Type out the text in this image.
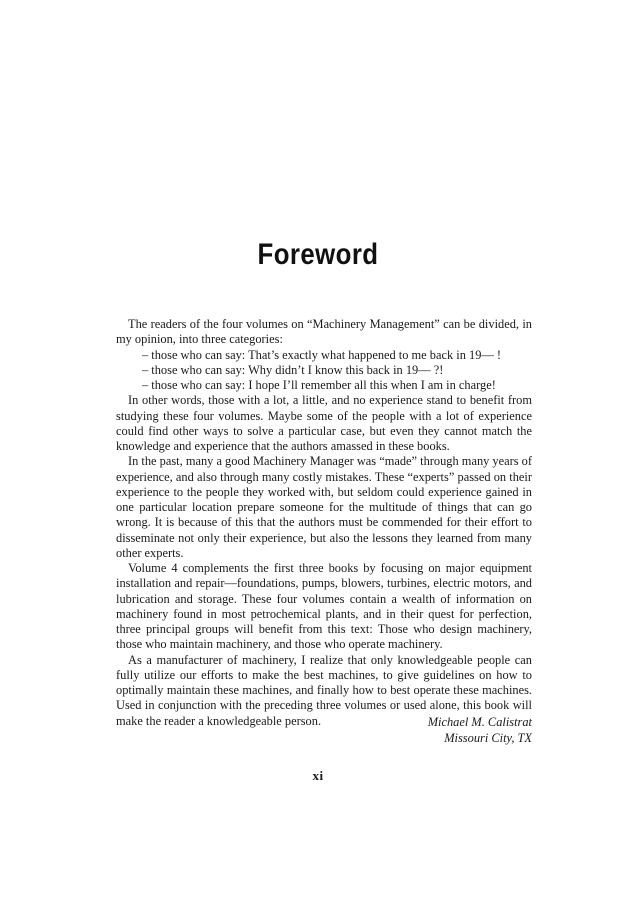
Foreword

The readers of the four volumes on “Machinery Management” can be divided, in my opinion, into three categories:

– those who can say: That’s exactly what happened to me back in 19–– !

– those who can say: Why didn’t I know this back in 19–– ?!

– those who can say: I hope I’ll remember all this when I am in charge!

In other words, those with a lot, a little, and no experience stand to benefit from studying these four volumes. Maybe some of the people with a lot of experience could find other ways to solve a particular case, but even they cannot match the knowledge and experience that the authors amassed in these books.

In the past, many a good Machinery Manager was “made” through many years of experience, and also through many costly mistakes. These “experts” passed on their experience to the people they worked with, but seldom could experience gained in one particular location prepare someone for the multitude of things that can go wrong. It is because of this that the authors must be commended for their effort to disseminate not only their experience, but also the lessons they learned from many other experts.

Volume 4 complements the first three books by focusing on major equipment installation and repair—foundations, pumps, blowers, turbines, electric motors, and lubrication and storage. These four volumes contain a wealth of information on machinery found in most petrochemical plants, and in their quest for perfection, three principal groups will benefit from this text: Those who design machinery, those who maintain machinery, and those who operate machinery.

As a manufacturer of machinery, I realize that only knowledgeable people can fully utilize our efforts to make the best machines, to give guidelines on how to optimally maintain these machines, and finally how to best operate these machines. Used in conjunction with the preceding three volumes or used alone, this book will make the reader a knowledgeable person.	Michael M. Calistrat
Missouri City, TX
xi
